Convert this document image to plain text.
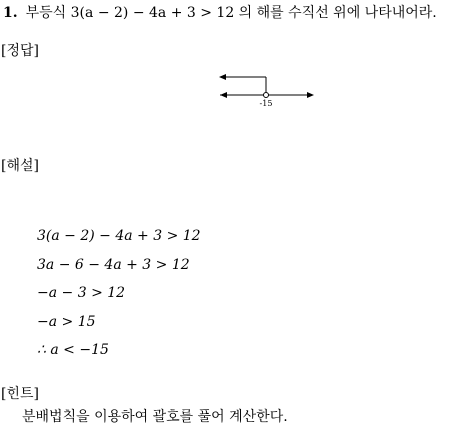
1. 부등식 3(a − 2) − 4a + 3 > 12 의 해를 수직선 위에 나타내어라.
[정답]
-15
[해설]
3(a − 2) − 4a + 3 > 12
3a − 6 − 4a + 3 > 12
−a − 3 > 12
−a > 15
∴ a < −15
[힌트]
분배법칙을 이용하여 괄호를 풀어 계산한다.
